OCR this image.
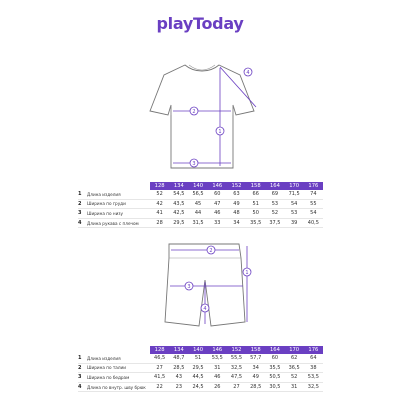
playToday
2
3
1
4
128	134	140	146	152	158	164	170	176
1	Длина изделия	52	54,5	56,5	60	63	66	69	71,5	74
2	Ширина по груди	42	43,5	45	47	49	51	53	54	55
3	Ширина по низу	41	42,5	44	46	48	50	52	53	54
4	Длина рукава с плечом	28	29,5	31,5	33	34	35,5	37,5	39	40,5
2
3
1
4
128	134	140	146	152	158	164	170	176
1	Длина изделия	46,5	48,7	51	53,5	55,5	57,7	60	62	64
2	Ширина по талии	27	28,5	29,5	31	32,5	34	35,5	36,5	38
3	Ширина по бедрам	41,5	43	44,5	46	47,5	49	50,5	52	53,5
4	Длина по внутр. шву брюк	22	23	24,5	26	27	28,5	30,5	31	32,5
